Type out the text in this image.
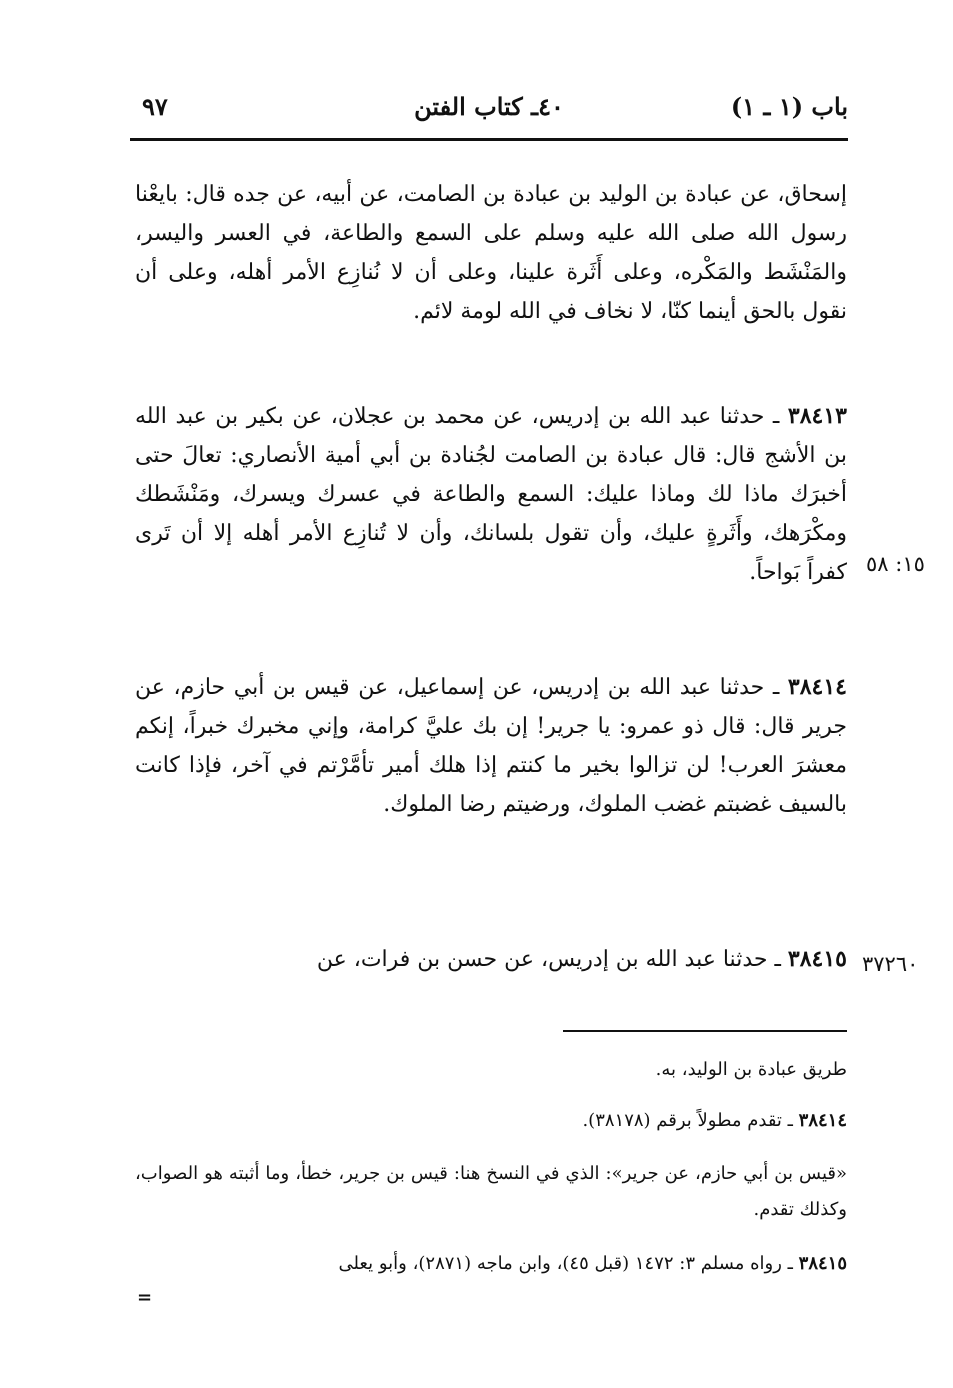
٩٧	٤٠ـ كتاب الفتن	باب (١ ـ ١)

إسحاق، عن عبادة بن الوليد بن عبادة بن الصامت، عن أبيه، عن جده قال: بايعْنا رسول الله صلى الله عليه وسلم على السمع والطاعة، في العسر واليسر، والمَنْشَط والمَكْره، وعلى أَثَرة علينا، وعلى أن لا نُنازِع الأمر أهله، وعلى أن نقول بالحق أينما كنّا، لا نخاف في الله لومة لائم.

٣٨٤١٣ ـ حدثنا عبد الله بن إدريس، عن محمد بن عجلان، عن بكير بن عبد الله بن الأشج قال: قال عبادة بن الصامت لجُنادة بن أبي أمية الأنصاري: تعالَ حتى أخبرَك ماذا لك وماذا عليك: السمع والطاعة في عسرك ويسرك، ومَنْشَطك ومكْرَهك، وأَثَرةٍ عليك، وأن تقول بلسانك، وأن لا تُنازِع الأمر أهله إلا أن تَرى كفراً بَواحاً.

٣٨٤١٤ ـ حدثنا عبد الله بن إدريس، عن إسماعيل، عن قيس بن أبي حازم، عن جرير قال: قال ذو عمرو: يا جرير! إن بك عليَّ كرامة، وإني مخبرك خبراً، إنكم معشرَ العرب! لن تزالوا بخير ما كنتم إذا هلك أمير تأمَّرْتم في آخر، فإذا كانت بالسيف غضبتم غضب الملوك، ورضيتم رضا الملوك.

٣٨٤١٥ ـ حدثنا عبد الله بن إدريس، عن حسن بن فرات، عن

١٥: ٥٨
٣٧٢٦٠

طريق عبادة بن الوليد، به.

٣٨٤١٤ ـ تقدم مطولاً برقم (٣٨١٧٨).

«قيس بن أبي حازم، عن جرير»: الذي في النسخ هنا: قيس بن جرير، خطأ، وما أثبته هو الصواب، وكذلك تقدم.

٣٨٤١٥ ـ رواه مسلم ٣: ١٤٧٢ (قبل ٤٥)، وابن ماجه (٢٨٧١)، وأبو يعلى

=
